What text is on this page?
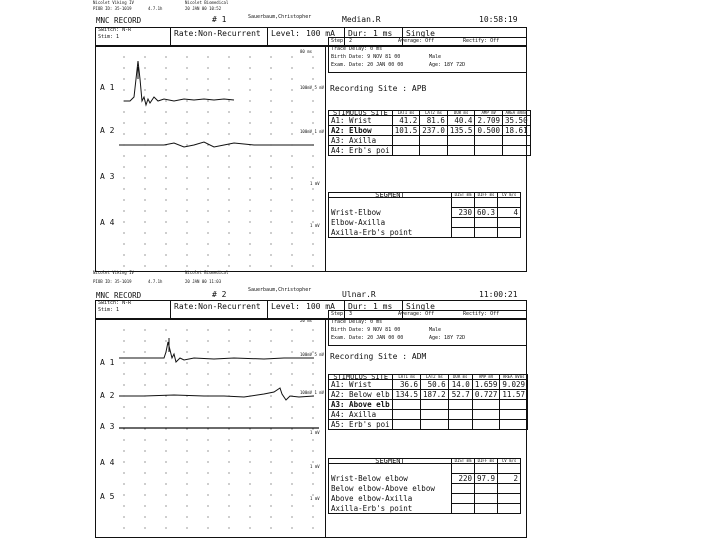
Nicolet Viking IV	Nicolet Biomedical
PIOB ID: 35-1019	4.7.1h	20 JAN 00 10:52
MNC RECORD	# 1	Sauerbaum,Christopher	Median.R	10:58:19
Switch: N-R
Stim: 1	Rate:Non-Recurrent Level: 100 mA Dur: 1 ms Single
Step: 2	Average: Off	Rectify: Off
Trace Delay: 0 ms
Birth Date: 9 NOV 81 00	Male
Exam. Date: 20 JAN 00 00	Age: 18Y 72D
A 1
A 2
A 3
A 4
80 ms
100mV 5 mV
100mV 1 mV
1 mV
1 mV
Recording Site : APB
STIMULUS SITE	LAT1 ms	LAT2 ms	DUR ms	AMP mV	AREA mVms
A1: Wrist	41.2	81.6	40.4	2.709	35.50
A2: Elbow	101.5	237.0	135.5	0.500	18.61
A3: Axilla					
A4: Erb's poi					
SEGMENT	DIST mm	DIFF ms	CV m/s

Wrist-Elbow	230	60.3	4
Elbow-Axilla			
Axilla-Erb's point			
Nicolet Viking IV	Nicolet Biomedical
PIOB ID: 35-1019	4.7.1h	20 JAN 00 11:03
MNC RECORD	# 2	Sauerbaum,Christopher	Ulnar.R	11:00:21
Switch: N-R
Stim: 1	Rate:Non-Recurrent Level: 100 mA Dur: 1 ms Single
Step: 3	Average: Off	Rectify: Off
Trace Delay: 0 ms
Birth Date: 9 NOV 81 00	Male
Exam. Date: 20 JAN 00 00	Age: 18Y 72D
A 1
A 2
A 3
A 4
A 5
20 ms
100mV 5 mV
100mV 1 mV
1 mV
1 mV
1 mV
Recording Site : ADM
STIMULUS SITE	LAT1 ms	LAT2 ms	DUR ms	AMP mV	AREA mVms
A1: Wrist	36.6	50.6	14.0	1.659	9.029
A2: Below elb	134.5	187.2	52.7	0.727	11.57
A3: Above elb					
A4: Axilla					
A5: Erb's poi					
SEGMENT	DIST mm	DIFF ms	CV m/s

Wrist-Below elbow	220	97.9	2
Below elbow-Above elbow			
Above elbow-Axilla			
Axilla-Erb's point			
